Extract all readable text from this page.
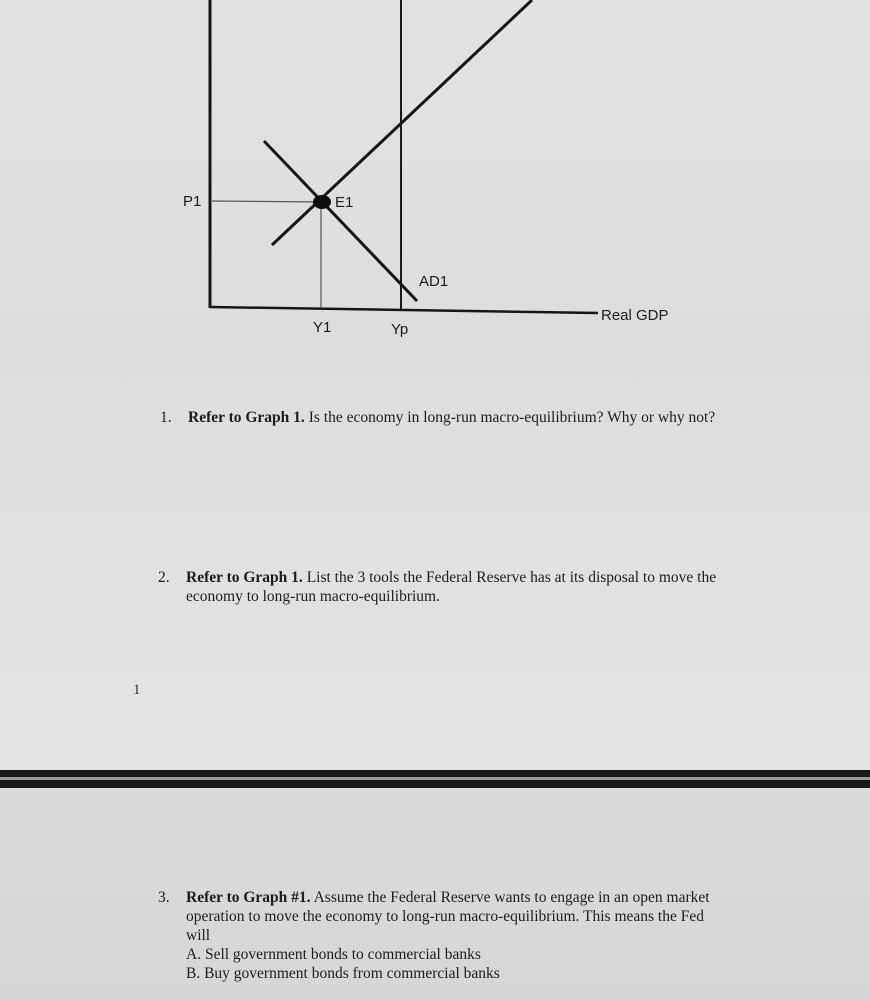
P1	E1
AD1
Real GDP
Y1	Yp
1. Refer to Graph 1. Is the economy in long-run macro-equilibrium? Why or why not?
2. Refer to Graph 1. List the 3 tools the Federal Reserve has at its disposal to move the economy to long-run macro-equilibrium.
1
3. Refer to Graph #1. Assume the Federal Reserve wants to engage in an open market operation to move the economy to long-run macro-equilibrium. This means the Fed will
A. Sell government bonds to commercial banks
B. Buy government bonds from commercial banks
